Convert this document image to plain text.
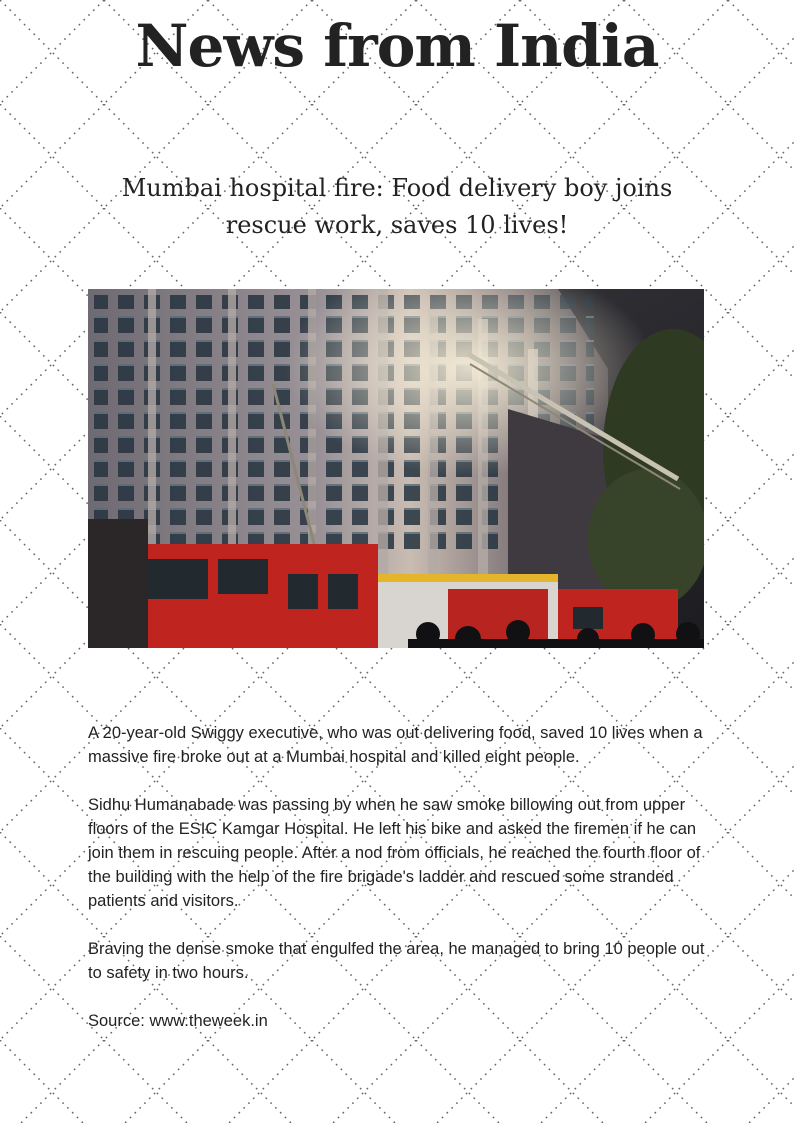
News from India
Mumbai hospital fire: Food delivery boy joins rescue work, saves 10 lives!

A 20-year-old Swiggy executive, who was out delivering food, saved 10 lives when a massive fire broke out at a Mumbai hospital and killed eight people.

Sidhu Humanabade was passing by when he saw smoke billowing out from upper floors of the ESIC Kamgar Hospital. He left his bike and asked the firemen if he can join them in rescuing people. After a nod from officials, he reached the fourth floor of the building with the help of the fire brigade's ladder and rescued some stranded patients and visitors.

Braving the dense smoke that engulfed the area, he managed to bring 10 people out to safety in two hours.

Source: www.theweek.in
